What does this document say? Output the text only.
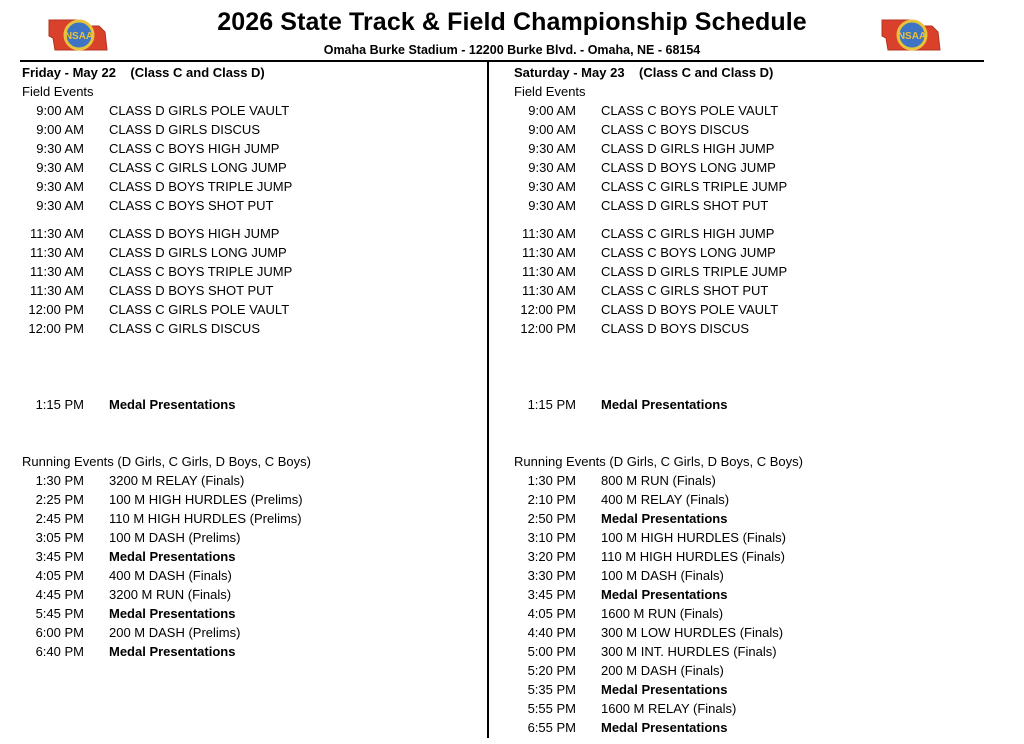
NSAA	NSAA
2026 State Track & Field Championship Schedule
Omaha Burke Stadium - 12200 Burke Blvd. - Omaha, NE - 68154
Friday - May 22 (Class C and Class D)
Field Events
9:00 AM CLASS D GIRLS POLE VAULT
9:00 AM CLASS D GIRLS DISCUS
9:30 AM CLASS C BOYS HIGH JUMP
9:30 AM CLASS C GIRLS LONG JUMP
9:30 AM CLASS D BOYS TRIPLE JUMP
9:30 AM CLASS C BOYS SHOT PUT
11:30 AM CLASS D BOYS HIGH JUMP
11:30 AM CLASS D GIRLS LONG JUMP
11:30 AM CLASS C BOYS TRIPLE JUMP
11:30 AM CLASS D BOYS SHOT PUT
12:00 PM CLASS C GIRLS POLE VAULT
12:00 PM CLASS C GIRLS DISCUS
1:15 PM Medal Presentations
Running Events (D Girls, C Girls, D Boys, C Boys)
1:30 PM 3200 M RELAY (Finals)
2:25 PM 100 M HIGH HURDLES (Prelims)
2:45 PM 110 M HIGH HURDLES (Prelims)
3:05 PM 100 M DASH (Prelims)
3:45 PM Medal Presentations
4:05 PM 400 M DASH (Finals)
4:45 PM 3200 M RUN (Finals)
5:45 PM Medal Presentations
6:00 PM 200 M DASH (Prelims)
6:40 PM Medal Presentations
Saturday - May 23 (Class C and Class D)
Field Events
9:00 AM CLASS C BOYS POLE VAULT
9:00 AM CLASS C BOYS DISCUS
9:30 AM CLASS D GIRLS HIGH JUMP
9:30 AM CLASS D BOYS LONG JUMP
9:30 AM CLASS C GIRLS TRIPLE JUMP
9:30 AM CLASS D GIRLS SHOT PUT
11:30 AM CLASS C GIRLS HIGH JUMP
11:30 AM CLASS C BOYS LONG JUMP
11:30 AM CLASS D GIRLS TRIPLE JUMP
11:30 AM CLASS C GIRLS SHOT PUT
12:00 PM CLASS D BOYS POLE VAULT
12:00 PM CLASS D BOYS DISCUS
1:15 PM Medal Presentations
Running Events (D Girls, C Girls, D Boys, C Boys)
1:30 PM 800 M RUN (Finals)
2:10 PM 400 M RELAY (Finals)
2:50 PM Medal Presentations
3:10 PM 100 M HIGH HURDLES (Finals)
3:20 PM 110 M HIGH HURDLES (Finals)
3:30 PM 100 M DASH (Finals)
3:45 PM Medal Presentations
4:05 PM 1600 M RUN (Finals)
4:40 PM 300 M LOW HURDLES (Finals)
5:00 PM 300 M INT. HURDLES (Finals)
5:20 PM 200 M DASH (Finals)
5:35 PM Medal Presentations
5:55 PM 1600 M RELAY (Finals)
6:55 PM Medal Presentations
